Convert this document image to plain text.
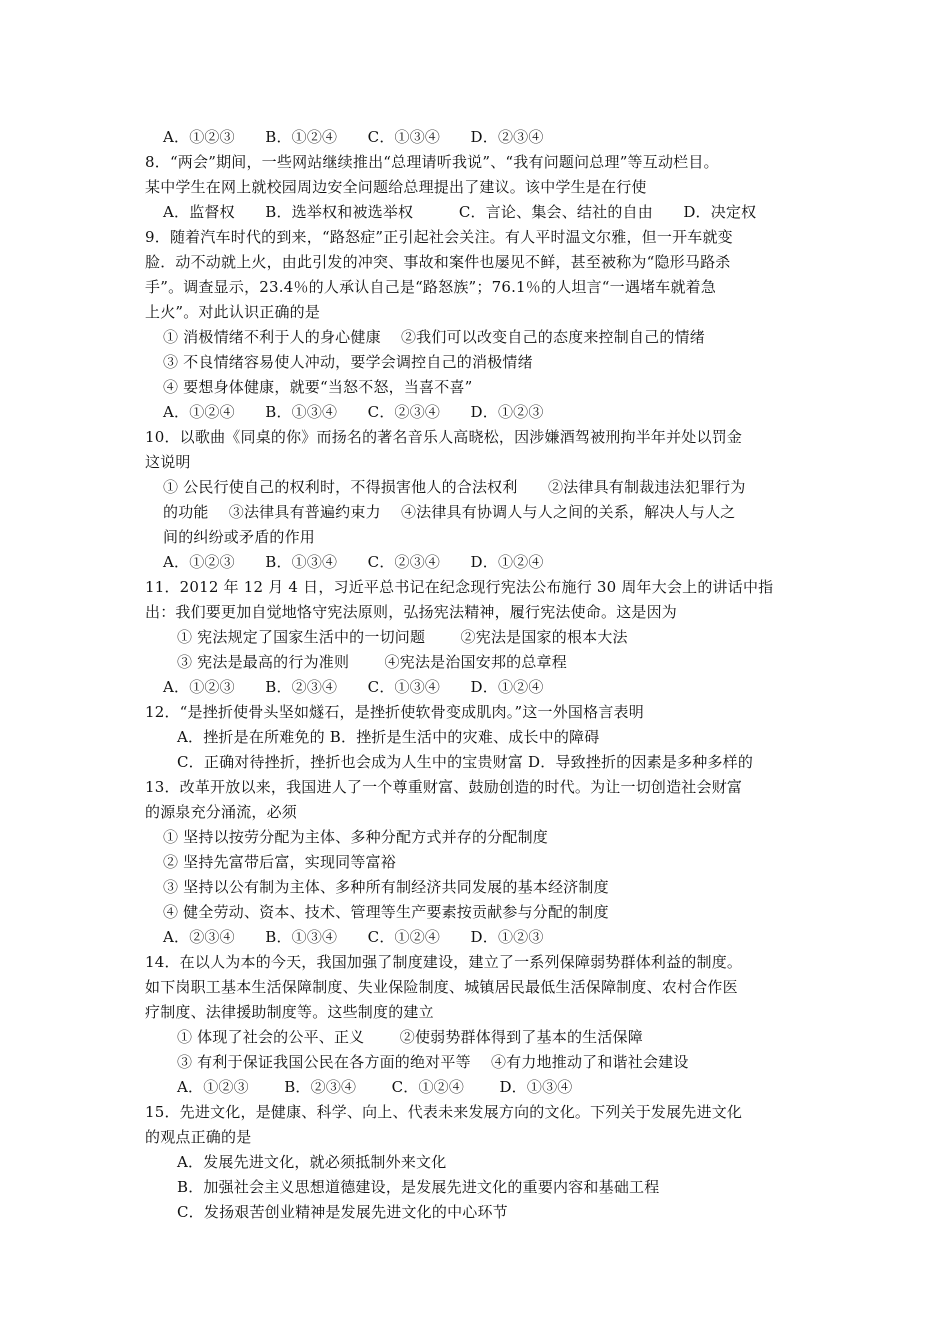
A．①②③　　B．①②④　　C．①③④　　D．②③④
8．“两会”期间，一些网站继续推出“总理请听我说”、“我有问题问总理”等互动栏目。
某中学生在网上就校园周边安全问题给总理提出了建议。该中学生是在行使
A．监督权　　B．选举权和被选举权　　　C．言论、集会、结社的自由　　D．决定权
9．随着汽车时代的到来，“路怒症”正引起社会关注。有人平时温文尔雅，但一开车就变
脸．动不动就上火，由此引发的冲突、事故和案件也屡见不鲜，甚至被称为“隐形马路杀
手”。调查显示，23.4％的人承认自己是“路怒族”；76.1％的人坦言“一遇堵车就着急
上火”。对此认识正确的是
① 消极情绪不利于人的身心健康　 ②我们可以改变自己的态度来控制自己的情绪
③ 不良情绪容易使人冲动，要学会调控自己的消极情绪
④ 要想身体健康，就要“当怒不怒，当喜不喜”
A．①②④　　B．①③④　　C．②③④　　D．①②③
10．以歌曲《同桌的你》而扬名的著名音乐人高晓松，因涉嫌酒驾被刑拘半年并处以罚金
这说明
① 公民行使自己的权利时，不得损害他人的合法权利　　②法律具有制裁违法犯罪行为
的功能　 ③法律具有普遍约束力　 ④法律具有协调人与人之间的关系，解决人与人之
间的纠纷或矛盾的作用
A．①②③　　B．①③④　　C．②③④　　D．①②④
11．2012 年 12 月 4 日，习近平总书记在纪念现行宪法公布施行 30 周年大会上的讲话中指
出：我们要更加自觉地恪守宪法原则，弘扬宪法精神，履行宪法使命。这是因为
① 宪法规定了国家生活中的一切问题　　 ②宪法是国家的根本大法
③ 宪法是最高的行为准则　　 ④宪法是治国安邦的总章程
A．①②③　　B．②③④　　C．①③④　　D．①②④
12．“是挫折使骨头坚如燧石，是挫折使软骨变成肌肉。”这一外国格言表明
A．挫折是在所难免的 B．挫折是生活中的灾难、成长中的障碍
C．正确对待挫折，挫折也会成为人生中的宝贵财富 D．导致挫折的因素是多种多样的
13．改革开放以来，我国进人了一个尊重财富、鼓励创造的时代。为让一切创造社会财富
的源泉充分涌流，必须
① 坚持以按劳分配为主体、多种分配方式并存的分配制度
② 坚持先富带后富，实现同等富裕
③ 坚持以公有制为主体、多种所有制经济共同发展的基本经济制度
④ 健全劳动、资本、技术、管理等生产要素按贡献参与分配的制度
A．②③④　　B．①③④　　C．①②④　　D．①②③
14．在以人为本的今天，我国加强了制度建设，建立了一系列保障弱势群体利益的制度。
如下岗职工基本生活保障制度、失业保险制度、城镇居民最低生活保障制度、农村合作医
疗制度、法律援助制度等。这些制度的建立
① 体现了社会的公平、正义　　 ②使弱势群体得到了基本的生活保障
③ 有利于保证我国公民在各方面的绝对平等　 ④有力地推动了和谐社会建设
A．①②③　　 B．②③④　　 C．①②④　　 D．①③④
15．先进文化，是健康、科学、向上、代表未来发展方向的文化。下列关于发展先进文化
的观点正确的是
A．发展先进文化，就必须抵制外来文化
B．加强社会主义思想道德建设，是发展先进文化的重要内容和基础工程
C．发扬艰苦创业精神是发展先进文化的中心环节
